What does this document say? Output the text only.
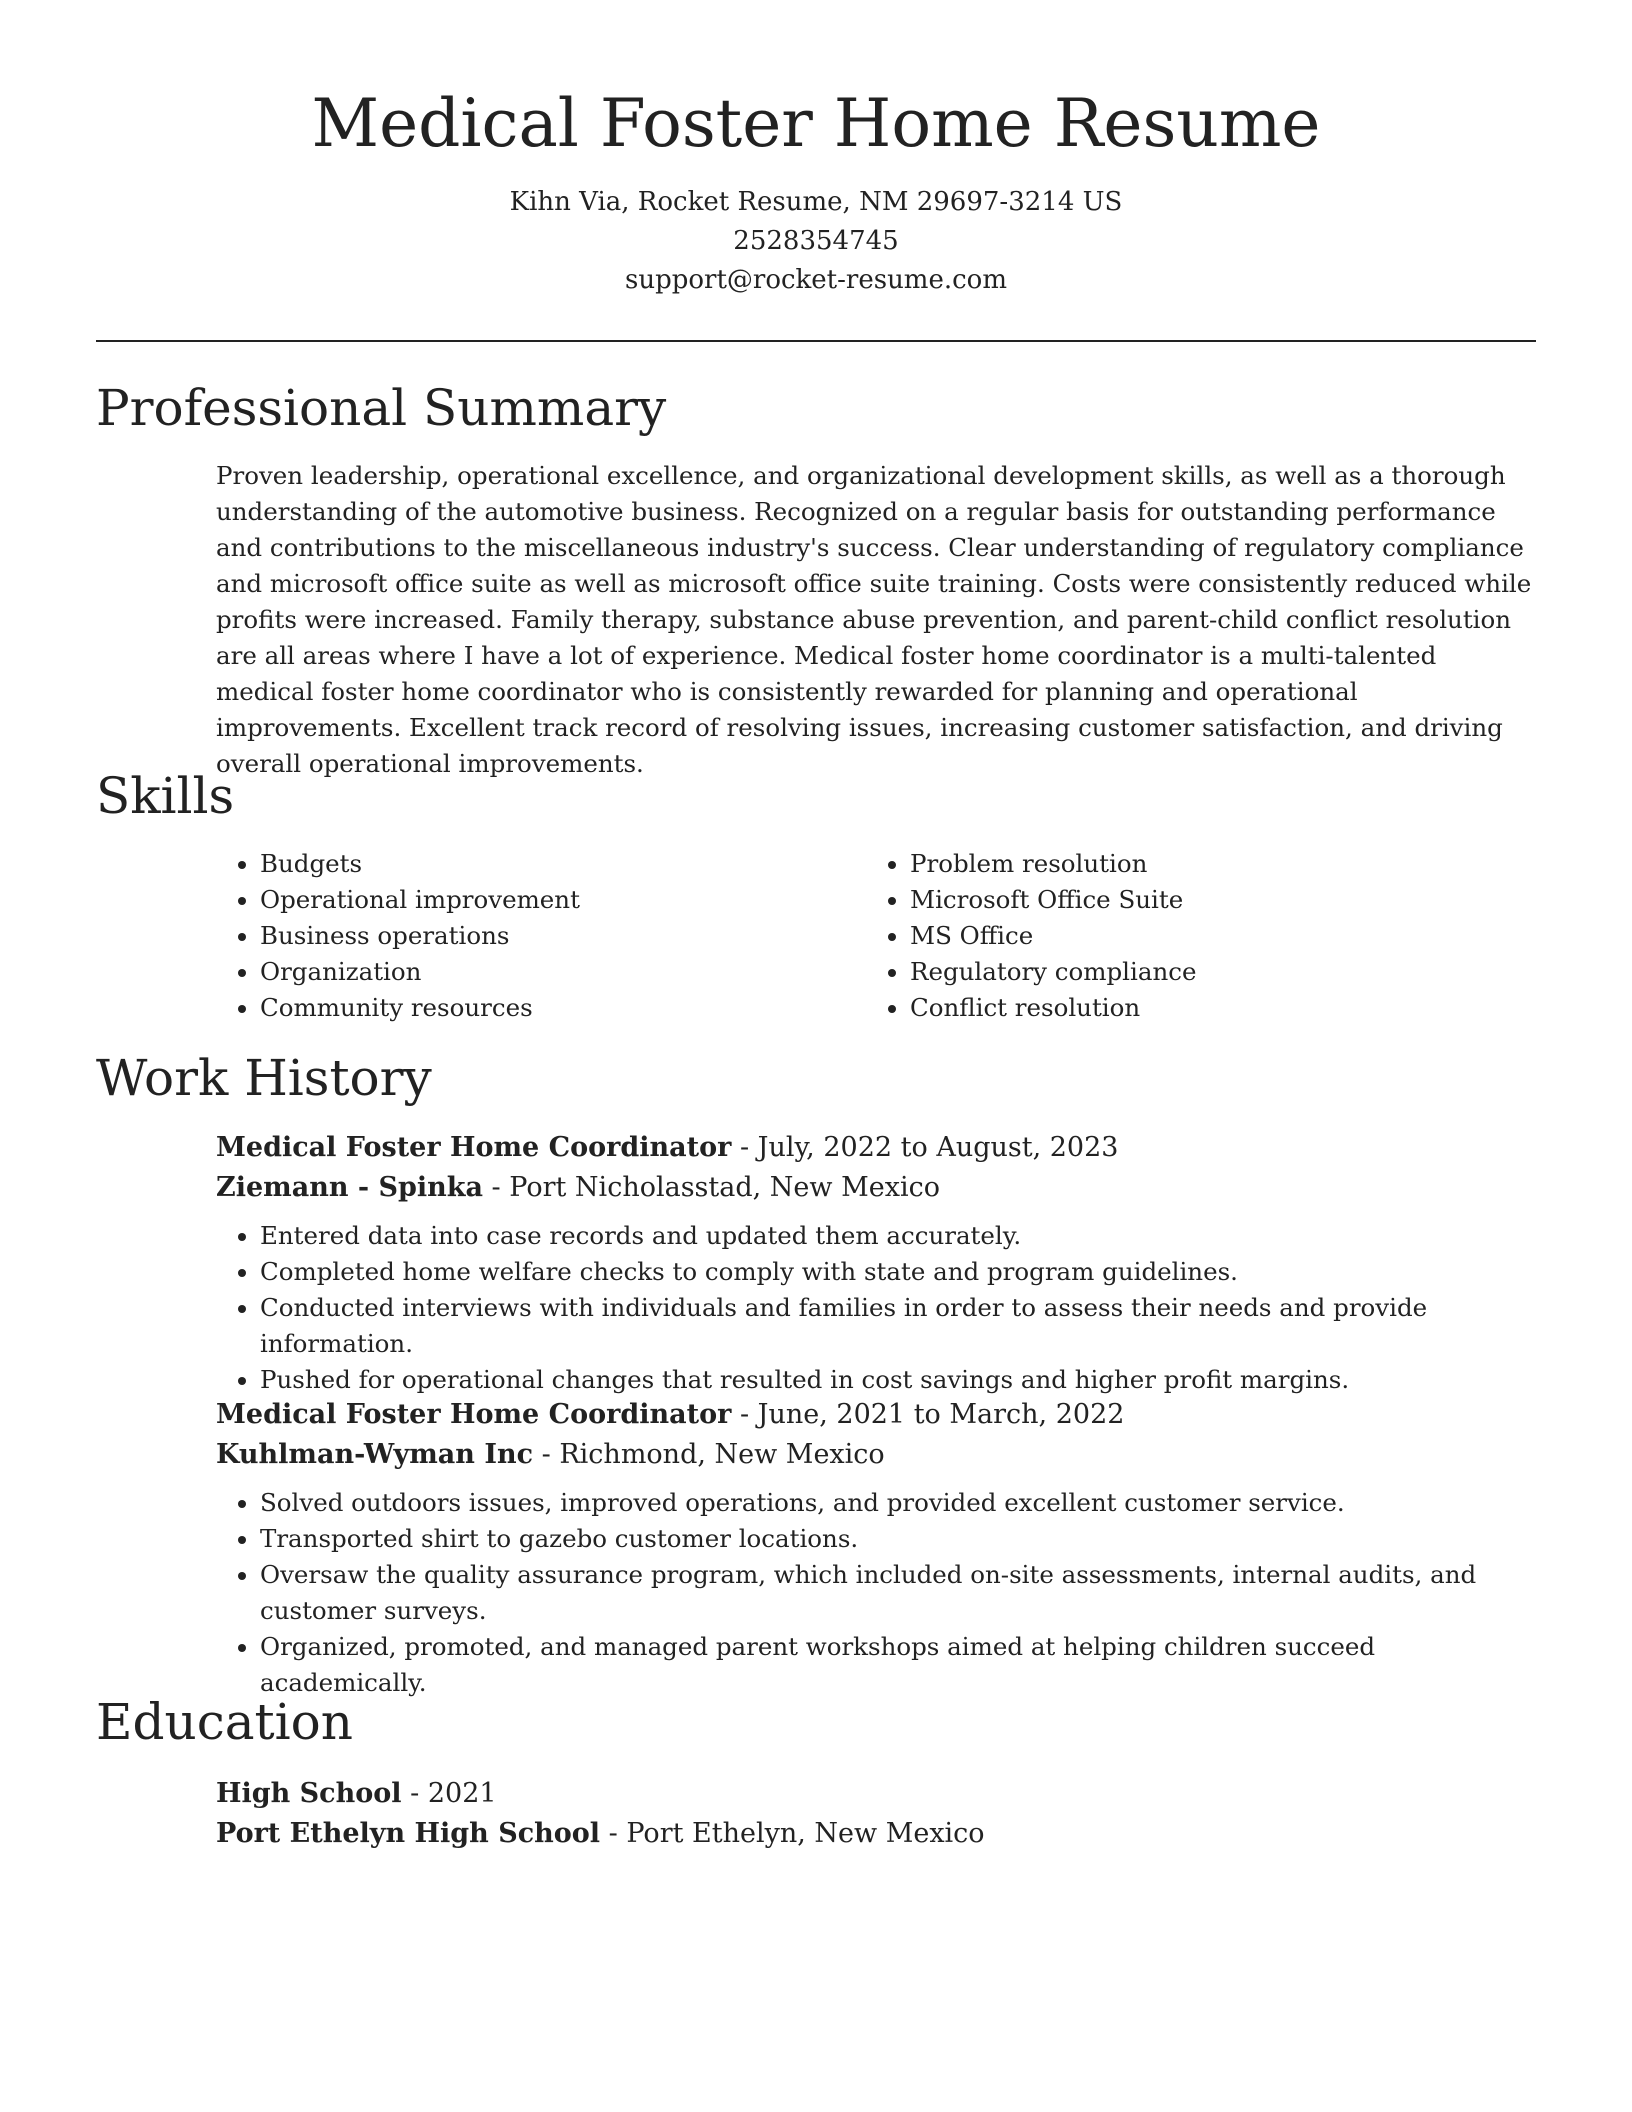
Medical Foster Home Resume
Kihn Via, Rocket Resume, NM 29697-3214 US
2528354745
support@rocket-resume.com
Professional Summary

Proven leadership, operational excellence, and organizational development skills, as well as a thorough understanding of the automotive business. Recognized on a regular basis for outstanding performance and contributions to the miscellaneous industry's success. Clear understanding of regulatory compliance and microsoft office suite as well as microsoft office suite training. Costs were consistently reduced while profits were increased. Family therapy, substance abuse prevention, and parent-child conflict resolution are all areas where I have a lot of experience. Medical foster home coordinator is a multi-talented medical foster home coordinator who is consistently rewarded for planning and operational improvements. Excellent track record of resolving issues, increasing customer satisfaction, and driving overall operational improvements.

Skills
• Budgets
• Operational improvement
• Business operations
• Organization
• Community resources
• Problem resolution
• Microsoft Office Suite
• MS Office
• Regulatory compliance
• Conflict resolution
Work History
Medical Foster Home Coordinator - July, 2022 to August, 2023
Ziemann - Spinka - Port Nicholasstad, New Mexico
• Entered data into case records and updated them accurately.
• Completed home welfare checks to comply with state and program guidelines.
• Conducted interviews with individuals and families in order to assess their needs and provide information.
• Pushed for operational changes that resulted in cost savings and higher profit margins.
Medical Foster Home Coordinator - June, 2021 to March, 2022
Kuhlman-Wyman Inc - Richmond, New Mexico
• Solved outdoors issues, improved operations, and provided excellent customer service.
• Transported shirt to gazebo customer locations.
• Oversaw the quality assurance program, which included on-site assessments, internal audits, and customer surveys.
• Organized, promoted, and managed parent workshops aimed at helping children succeed academically.
Education
High School - 2021
Port Ethelyn High School - Port Ethelyn, New Mexico
